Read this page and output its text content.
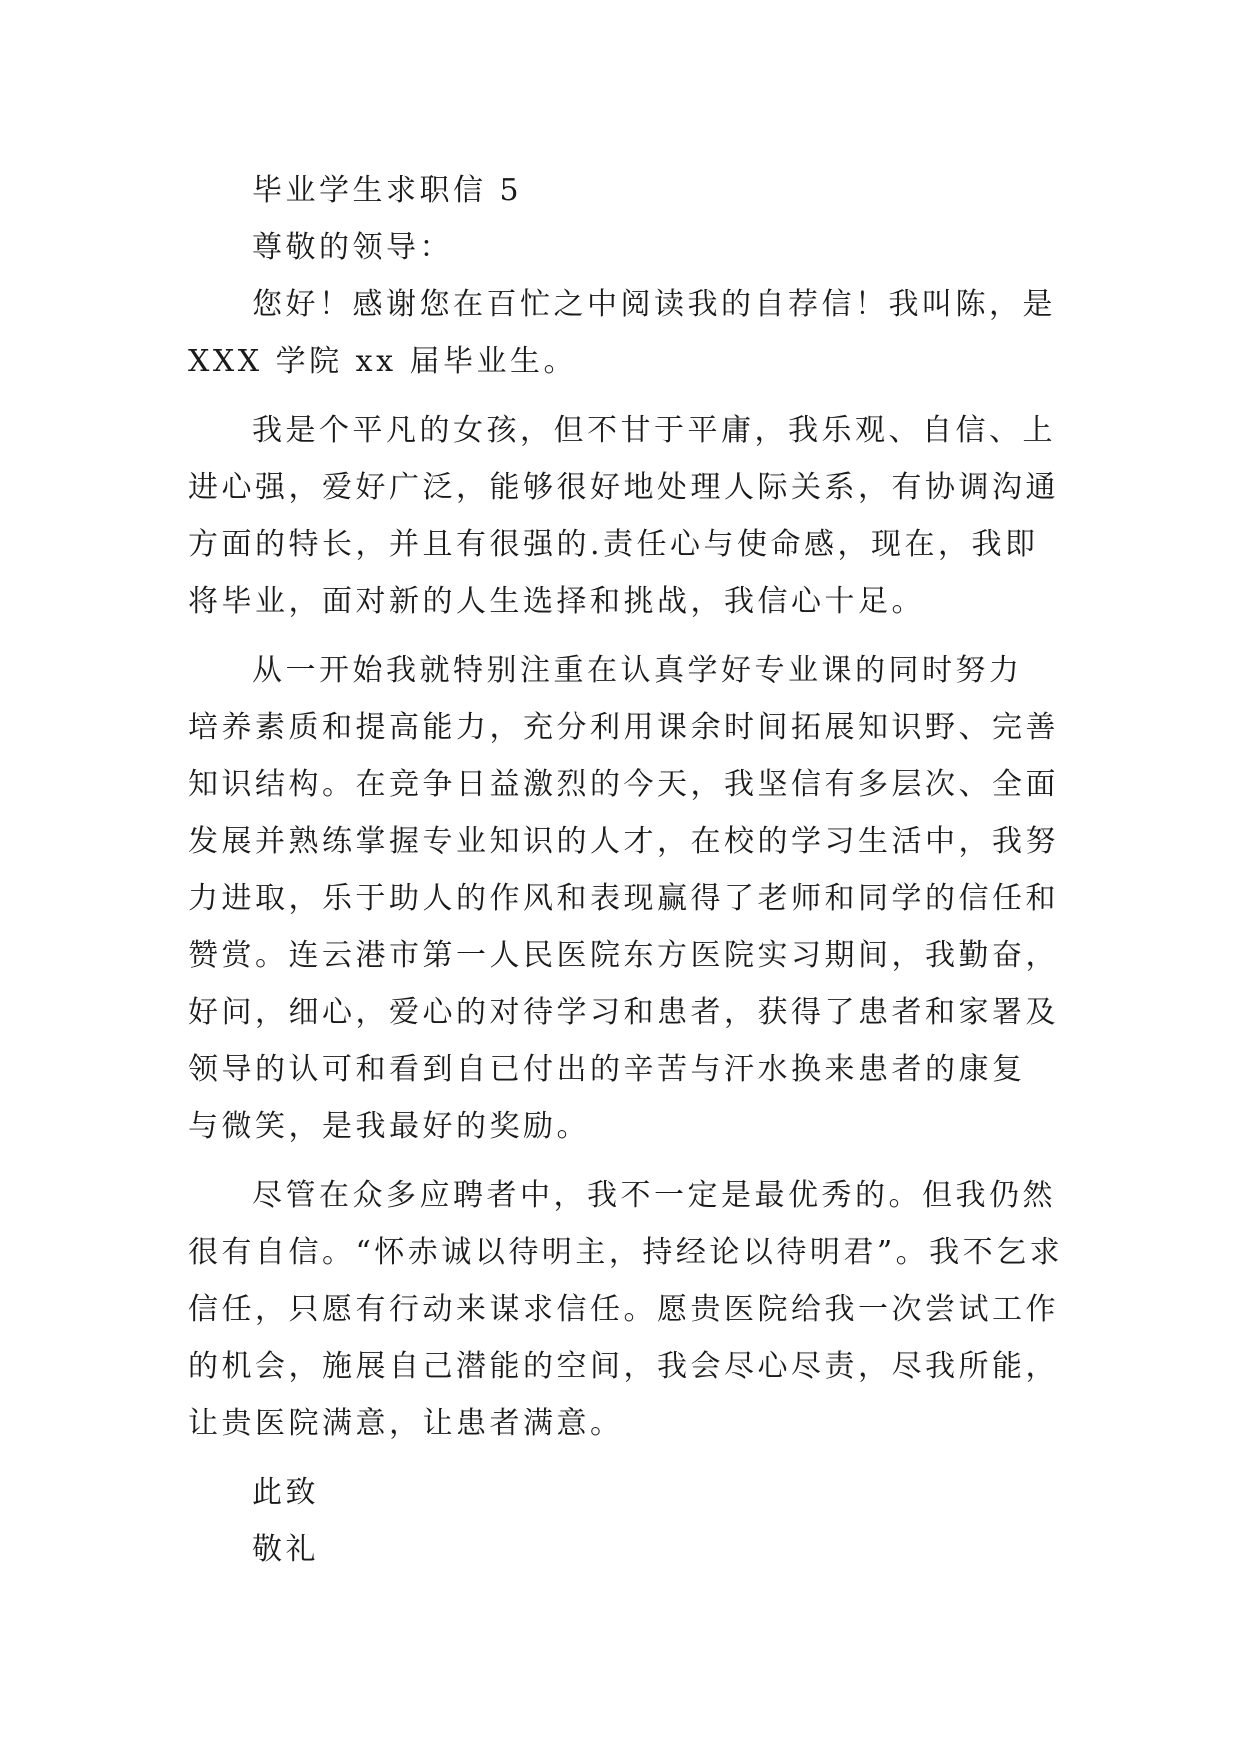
毕业学生求职信 5
尊敬的领导：
您好！感谢您在百忙之中阅读我的自荐信！我叫陈，是
XXX 学院 xx 届毕业生。
我是个平凡的女孩，但不甘于平庸，我乐观、自信、上
进心强，爱好广泛，能够很好地处理人际关系，有协调沟通
方面的特长，并且有很强的.责任心与使命感，现在，我即
将毕业，面对新的人生选择和挑战，我信心十足。
从一开始我就特别注重在认真学好专业课的同时努力
培养素质和提高能力，充分利用课余时间拓展知识野、完善
知识结构。在竞争日益激烈的今天，我坚信有多层次、全面
发展并熟练掌握专业知识的人才，在校的学习生活中，我努
力进取，乐于助人的作风和表现赢得了老师和同学的信任和
赞赏。连云港市第一人民医院东方医院实习期间，我勤奋，
好问，细心，爱心的对待学习和患者，获得了患者和家署及
领导的认可和看到自已付出的辛苦与汗水换来患者的康复
与微笑，是我最好的奖励。
尽管在众多应聘者中，我不一定是最优秀的。但我仍然
很有自信。“怀赤诚以待明主，持经论以待明君”。我不乞求
信任，只愿有行动来谋求信任。愿贵医院给我一次尝试工作
的机会，施展自己潜能的空间，我会尽心尽责，尽我所能，
让贵医院满意，让患者满意。
此致
敬礼
